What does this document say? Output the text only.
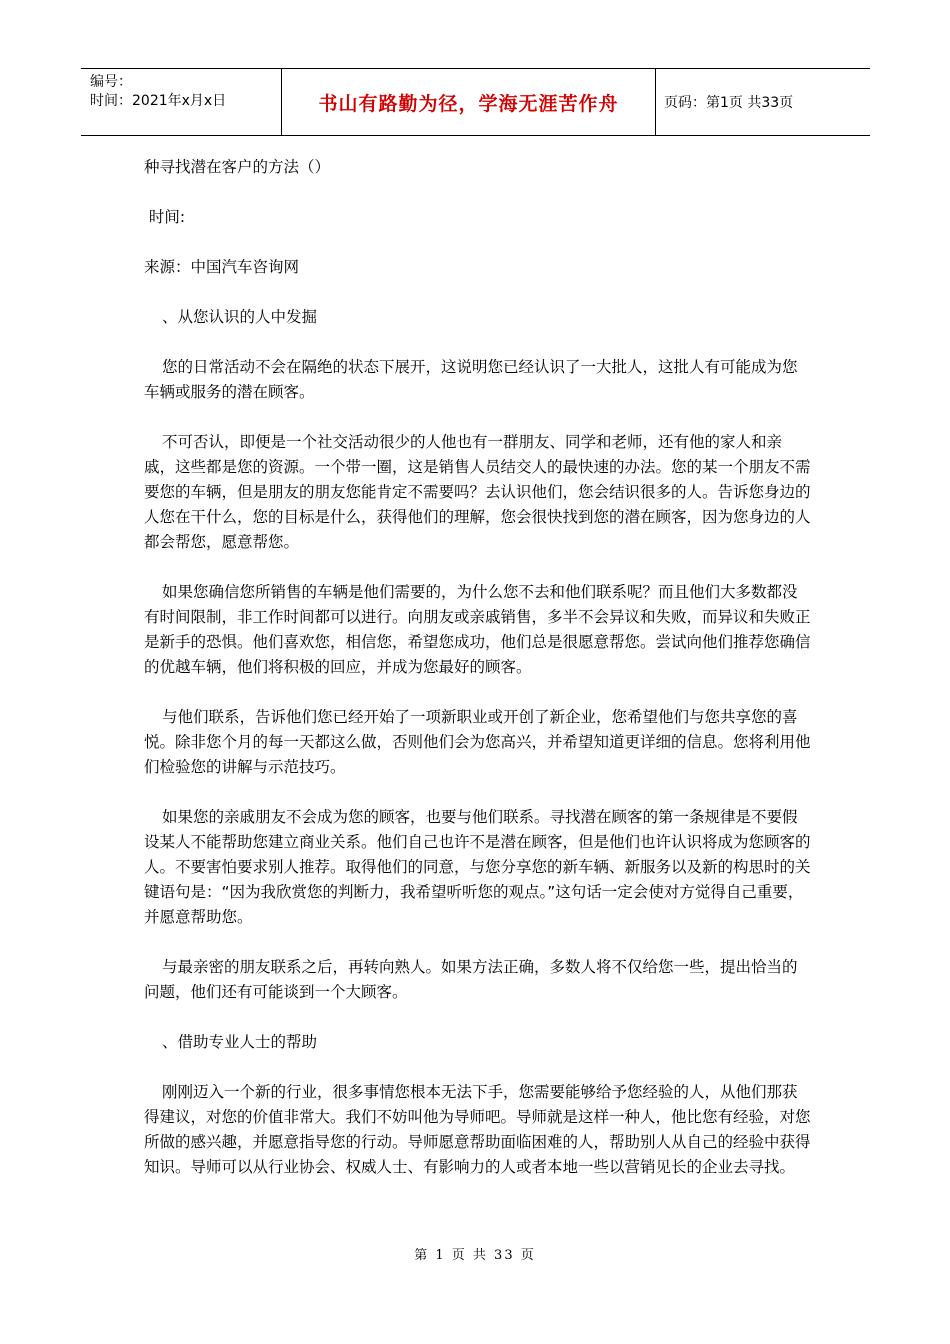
编号：
时间：2021年x月x日	书山有路勤为径，学海无涯苦作舟	页码：第1页 共33页

种寻找潜在客户的方法（）

时间:

来源：中国汽车咨询网

、从您认识的人中发掘

您的日常活动不会在隔绝的状态下展开，这说明您已经认识了一大批人，这批人有可能成为您车辆或服务的潜在顾客。

不可否认，即便是一个社交活动很少的人他也有一群朋友、同学和老师，还有他的家人和亲戚，这些都是您的资源。一个带一圈，这是销售人员结交人的最快速的办法。您的某一个朋友不需要您的车辆，但是朋友的朋友您能肯定不需要吗？去认识他们，您会结识很多的人。告诉您身边的人您在干什么，您的目标是什么，获得他们的理解，您会很快找到您的潜在顾客，因为您身边的人都会帮您，愿意帮您。

如果您确信您所销售的车辆是他们需要的，为什么您不去和他们联系呢？而且他们大多数都没有时间限制，非工作时间都可以进行。向朋友或亲戚销售，多半不会异议和失败，而异议和失败正是新手的恐惧。他们喜欢您，相信您，希望您成功，他们总是很愿意帮您。尝试向他们推荐您确信的优越车辆，他们将积极的回应，并成为您最好的顾客。

与他们联系，告诉他们您已经开始了一项新职业或开创了新企业，您希望他们与您共享您的喜悦。除非您个月的每一天都这么做，否则他们会为您高兴，并希望知道更详细的信息。您将利用他们检验您的讲解与示范技巧。

如果您的亲戚朋友不会成为您的顾客，也要与他们联系。寻找潜在顾客的第一条规律是不要假设某人不能帮助您建立商业关系。他们自己也许不是潜在顾客，但是他们也许认识将成为您顾客的人。不要害怕要求别人推荐。取得他们的同意，与您分享您的新车辆、新服务以及新的构思时的关键语句是：“因为我欣赏您的判断力，我希望听听您的观点。”这句话一定会使对方觉得自己重要，并愿意帮助您。

与最亲密的朋友联系之后，再转向熟人。如果方法正确，多数人将不仅给您一些，提出恰当的问题，他们还有可能谈到一个大顾客。

、借助专业人士的帮助

刚刚迈入一个新的行业，很多事情您根本无法下手，您需要能够给予您经验的人，从他们那获得建议，对您的价值非常大。我们不妨叫他为导师吧。导师就是这样一种人，他比您有经验，对您所做的感兴趣，并愿意指导您的行动。导师愿意帮助面临困难的人，帮助别人从自己的经验中获得知识。导师可以从行业协会、权威人士、有影响力的人或者本地一些以营销见长的企业去寻找。

第 1 页 共 33 页
